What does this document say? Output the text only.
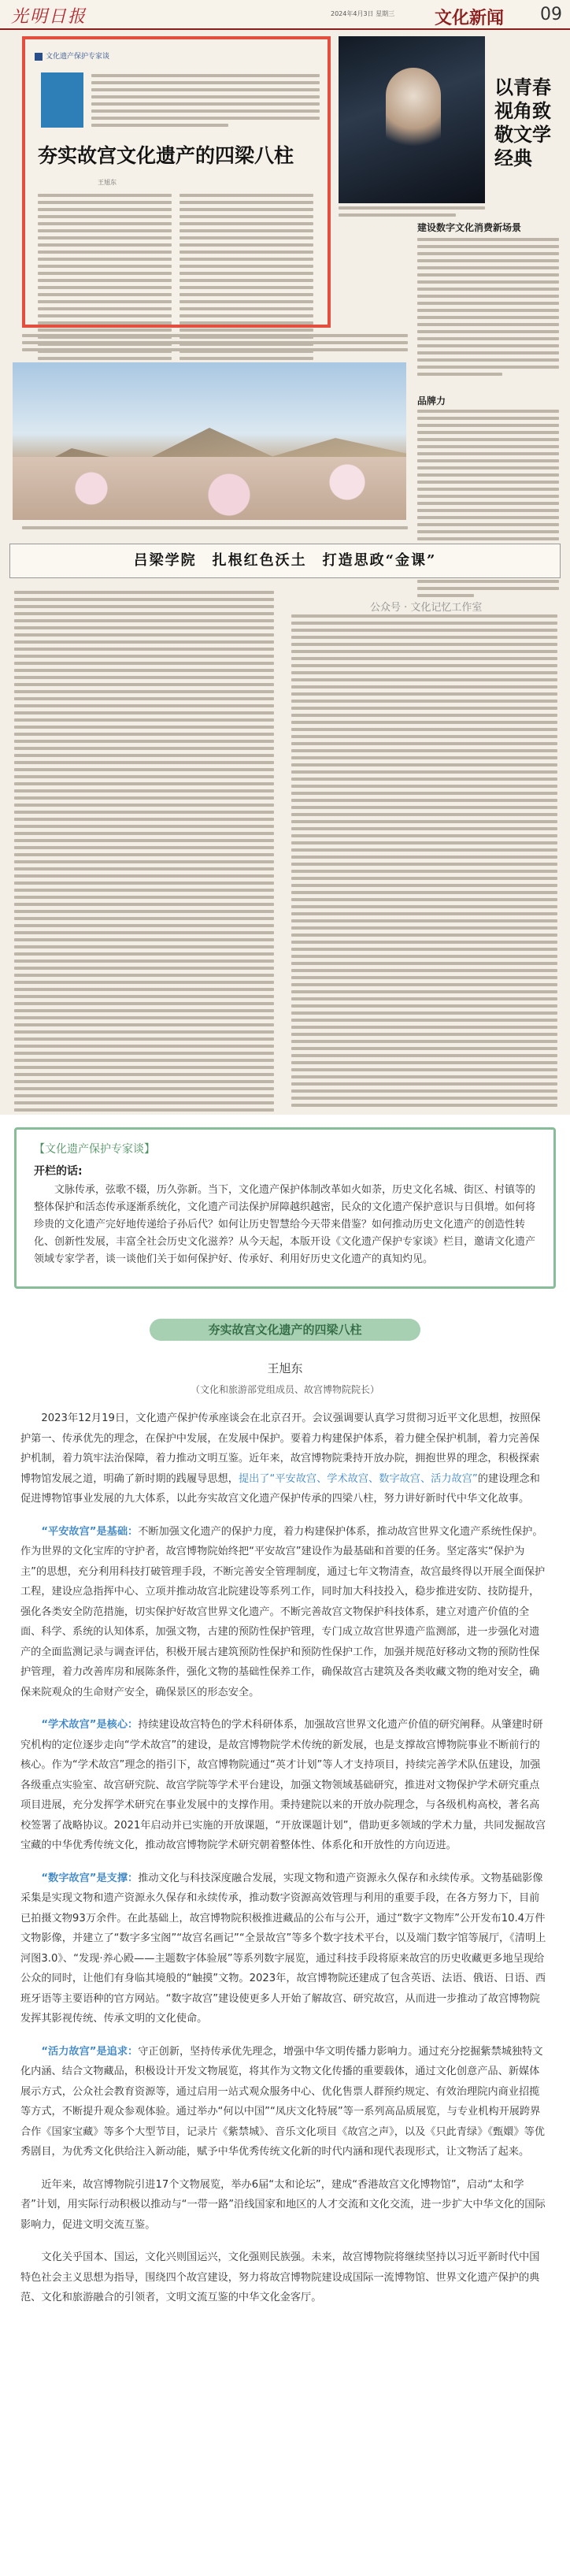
光明日报	2024年4月3日 星期三 文化新闻 09
文化遗产保护专家谈
夯实故宫文化遗产的四梁八柱
王旭东
以青春视角致敬文学经典
建设数字文化消费新场景
品牌力
吕梁学院　扎根红色沃土　打造思政“金课”
公众号 · 文化记忆工作室
【文化遗产保护专家谈】
开栏的话:
文脉传承，弦歌不辍，历久弥新。当下，文化遗产保护体制改革如火如荼，历史文化名城、街区、村镇等的整体保护和活态传承逐渐系统化，文化遗产司法保护屏障越织越密，民众的文化遗产保护意识与日俱增。如何将珍贵的文化遗产完好地传递给子孙后代？如何让历史智慧给今天带来借鉴？如何推动历史文化遗产的创造性转化、创新性发展，丰富全社会历史文化滋养？从今天起，本版开设《文化遗产保护专家谈》栏目，邀请文化遗产领域专家学者，谈一谈他们关于如何保护好、传承好、利用好历史文化遗产的真知灼见。
夯实故宫文化遗产的四梁八柱
王旭东
（文化和旅游部党组成员、故宫博物院院长）

2023年12月19日，文化遗产保护传承座谈会在北京召开。会议强调要认真学习贯彻习近平文化思想，按照保护第一、传承优先的理念，在保护中发展，在发展中保护。要着力构建保护体系，着力健全保护机制，着力完善保护机制，着力筑牢法治保障，着力推动文明互鉴。近年来，故宫博物院秉持开放办院，拥抱世界的理念，积极探索博物馆发展之道，明确了新时期的践履导思想，提出了“平安故宫、学术故宫、数字故宫、活力故宫”的建设理念和促进博物馆事业发展的九大体系，以此夯实故宫文化遗产保护传承的四梁八柱，努力讲好新时代中华文化故事。

“平安故宫”是基础：不断加强文化遗产的保护力度，着力构建保护体系，推动故宫世界文化遗产系统性保护。作为世界的文化宝库的守护者，故宫博物院始终把“平安故宫”建设作为最基础和首要的任务。坚定落实“保护为主”的思想，充分利用科技打破管理手段，不断完善安全管理制度，通过七年文物清查，故宫最终得以开展全面保护工程，建设应急指挥中心、立项并推动故宫北院建设等系列工作，同时加大科技投入，稳步推进安防、技防提升，强化各类安全防范措施，切实保护好故宫世界文化遗产。不断完善故宫文物保护科技体系，建立对遗产价值的全面、科学、系统的认知体系，加强文物，古建的预防性保护管理，专门成立故宫世界遗产监测部，进一步强化对遗产的全面监测记录与调查评估，积极开展古建筑预防性保护和预防性保护工作，加强并规范好移动文物的预防性保护管理，着力改善库房和展陈条件，强化文物的基础性保养工作，确保故宫古建筑及各类收藏文物的绝对安全，确保来院观众的生命财产安全，确保景区的形态安全。

“学术故宫”是核心：持续建设故宫特色的学术科研体系，加强故宫世界文化遗产价值的研究阐释。从肇建时研究机构的定位逐步走向“学术故宫”的建设，是故宫博物院学术传统的新发展，也是支撑故宫博物院事业不断前行的核心。作为“学术故宫”理念的指引下，故宫博物院通过“英才计划”等人才支持项目，持续完善学术队伍建设，加强各级重点实验室、故宫研究院、故宫学院等学术平台建设，加强文物领域基础研究，推进对文物保护学术研究重点项目进展，充分发挥学术研究在事业发展中的支撑作用。秉持建院以来的开放办院理念，与各级机构高校，著名高校签署了战略协议。2021年启动并已实施的开放课题，“开放课题计划”，借助更多领域的学术力量，共同发掘故宫宝藏的中华优秀传统文化，推动故宫博物院学术研究朝着整体性、体系化和开放性的方向迈进。

“数字故宫”是支撑：推动文化与科技深度融合发展，实现文物和遗产资源永久保存和永续传承。文物基础影像采集是实现文物和遗产资源永久保存和永续传承，推动数字资源高效管理与利用的重要手段，在各方努力下，目前已拍摄文物93万余件。在此基础上，故宫博物院积极推进藏品的公布与公开，通过“数字文物库”公开发布10.4万件文物影像，并建立了“数字多宝阁”“故宫名画记”“全景故宫”等多个数字技术平台，以及端门数字馆等展厅，《清明上河图3.0》、“发现·养心殿——主题数字体验展”等系列数字展览，通过科技手段将原来故宫的历史收藏更多地呈现给公众的同时，让他们有身临其境般的“触摸”文物。2023年，故宫博物院还建成了包含英语、法语、俄语、日语、西班牙语等主要语种的官方网站。“数字故宫”建设使更多人开始了解故宫、研究故宫，从而进一步推动了故宫博物院发挥其影视传统、传承文明的文化使命。

“活力故宫”是追求：守正创新，坚持传承优先理念，增强中华文明传播力影响力。通过充分挖掘紫禁城独特文化内涵、结合文物藏品，积极设计开发文物展览，将其作为文物文化传播的重要载体，通过文化创意产品、新媒体展示方式，公众社会教育资源等，通过启用一站式观众服务中心、优化售票人群预约规定、有效治理院内商业招揽等方式，不断提升观众参观体验。通过举办“何以中国”“凤庆文化特展”等一系列高品质展览，与专业机构开展跨界合作《国家宝藏》等多个大型节目，记录片《紫禁城》、音乐文化项目《故宫之声》，以及《只此青绿》《甄嬛》等优秀剧目，为优秀文化供给注入新动能，赋予中华优秀传统文化新的时代内涵和现代表现形式，让文物活了起来。

近年来，故宫博物院引进17个文物展览，举办6届“太和论坛”，建成“香港故宫文化博物馆”，启动“太和学者”计划，用实际行动积极以推动与“一带一路”沿线国家和地区的人才交流和文化交流，进一步扩大中华文化的国际影响力，促进文明交流互鉴。

文化关乎国本、国运，文化兴则国运兴，文化强则民族强。未来，故宫博物院将继续坚持以习近平新时代中国特色社会主义思想为指导，围绕四个故宫建设，努力将故宫博物院建设成国际一流博物馆、世界文化遗产保护的典范、文化和旅游融合的引领者，文明文流互鉴的中华文化金客厅。
